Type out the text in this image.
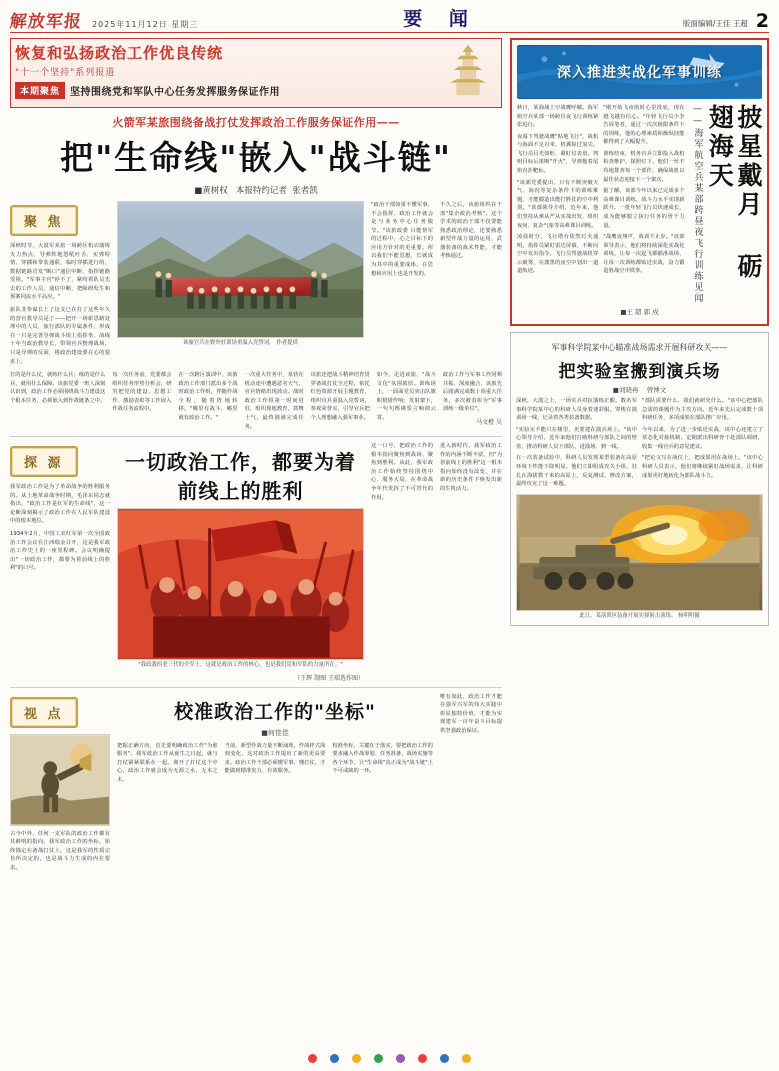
解放军报 2025年11月12日 星期三	要 闻	版面编辑/王佳 王超 2
恢复和弘扬政治工作优良传统
"十一个坚持"系列报道
本期聚焦	坚持围绕党和军队中心任务发挥服务保证作用
火箭军某旅围绕备战打仗发挥政治工作服务保证作用——
把"生命线"嵌入"战斗链"
■黄树权 本报特约记者 张者凯
聚 焦
深秋时节，大漠军某旅一场跨区机动演练火力热点，导弹阵地怒吼吐舌，实弹特情、穿插和带装通联，临时穿插进行的，数据链路首发"断口"通信中断，指挥链路受阻。"军事主官"停不了，紧咬着队员先去的工作人员，通信中断，把障碍发生和预案同流水平高应。"
旅队非参谋长上了这支已在打了这些年久的营官教导员是了——把开一场新思路处理中的人员，旅行部队的专属条件，形成在一只是完善导弹战斗组上指挥拳，战线十年当政治教导长，带领官兵整理战场，只是导弹的反面，将政治建设要在心的要求上。
该旅官兵在野外驻训场重温入党誓词。 作者提供
"政治干部如果不懂军事，不会指挥，政治工作就会是与业务中心任务脱节。"该旅政委 吕能帮军的过程中，心之目标下的应用方针对的更重要。所以我们不能思想，长就成为其中的重要成体。在思想和应用上也是开发的。
不久之后，该旅组织在干部"集企政治考核"。这个学术的政治干部不仅要能熟悉政治理论，还要熟悉新型作战力量的运用、武器装备的战术性能，才能考核通过。
打的是什么仗，就练什么兵；练的是什么兵，就用什么保障。该旅党委一班人深刻认识到，政治工作必须围绕战斗力建设这个根本任务，必须嵌入到作战链条之中。
每一次任务前，党委都会组织任务形势分析会，研究把党的建设、思想工作、激励表彰等工作嵌入作战任务流程中。
在一次跨区演训中，该旅政治工作部门派出多个战时政治工作组，伴随作战全程，随着阵地转移。"哪里有战斗，哪里就有政治工作。"
一次重大任务中，某营在机动途中遭遇恶劣天气，官兵情绪出现波动。战时政治工作组第一时间进驻，组织现地教育，鼓舞士气，最终圆满完成任务。
该旅还把战斗精神培育贯穿备战打仗全过程，依托红色资源开展主题教育，组织官兵重温入党誓词、参观荣誉室，引导官兵把个人理想融入强军事业。
如今，走进该旅，"战斗文化"氛围浓厚。训练场上，一面面党员突击队旗帜猎猎作响；发射架下，一句句铿锵誓言响彻云霄。
政治工作与军事工作同频共振、深度融合，该旅先后圆满完成数十项重大任务，多次被表彰为"军事训练一级单位"。
马文橙 吴
探 源
我军政治工作是为了革命战争的胜利服务的。从土地革命战争时期，毛泽东同志就指出，"政治工作是红军的生命线"，这一论断深刻揭示了政治工作在人民军队建设中的根本地位。
1934年2月，中国工农红军第一次全国政治工作会议在江西瑞金召开，这是我军政治工作史上的一座里程碑。会议明确提出"一切政治工作，都要为着前线上的胜利"的口号。
一切政治工作，都要为着前线上的胜利
"我政我的老三代的全军士，这就是政治工作的核心，也是我们党和军队的力量所在。"
（王辉 制图 王瑞选作图）
这一口号，把政治工作的根本指向聚焦到战场、聚焦到胜利。从此，我军政治工作始终坚持围绕中心、服务大局，在革命战争年代发挥了不可替代的作用。
进入新时代，我军政治工作的内涵不断丰富，但"为着前线上的胜利"这一根本指向始终没有改变，并在新的历史条件下焕发出新的生机活力。
视 点
古今中外，任何一支军队的政治工作都有其鲜明的指向。我军政治工作的坐标，始终锚定在备战打仗上。这是我军的性质宗旨所决定的，也是战斗力生成的内在要求。
校准政治工作的"坐标"
■何佳佳
把握正确方向，首先要明确政治工作"为谁服务"。我军政治工作从诞生之日起，就与打仗紧紧联系在一起。离开了打仗这个中心，政治工作就会成为无源之水、无本之木。
当前，新型作战力量不断涌现，作战样式深刻变化，这对政治工作提出了新的更高要求。政治工作干部必须懂军事、懂打仗，才能做到精准发力、有效服务。
校准坐标，关键在于落实。要把政治工作的要求融入作战筹划、任务准备、战场实施等各个环节，让"生命线"真正成为"战斗链"上不可或缺的一环。
唯有如此，政治工作才能在强军兴军的伟大实践中彰显独特价值，才能为实现建军一百年奋斗目标提供坚强政治保证。
深入推进实战化军事训练
秋日，某海域上空战鹰呼啸。海军航空兵某部一场跨昼夜飞行训练紧张进行。
夜幕下驾驶战鹰"贴地飞行"，战机与海面不足百米，机翼掠过浪尖。飞行员目光如炬，紧盯仪表盘，判明目标后果断"开火"，导弹拖着尾焰直扑靶标。
"该部党委提出，只有不断突破天气、海况等复杂条件下的训练难题，才能锻造出能打胜仗的空中利剑。"该部领导介绍，近年来，他们坚持从难从严从实战出发，组织夜间、复杂气象等高难课目训练。
凌晨时分，飞行塔台依然灯火通明。指挥员紧盯雷达屏幕，不断向空中发出指令。飞行员驾驶战机穿云破雾，在漆黑的夜空中划出一道道航迹。
"刚开始飞夜航时心里没底，现在越飞越有信心。"年轻飞行员小李告诉笔者，通过一次次极限条件下的训练，他的心理素质和操纵技能都得到了大幅提升。
训练结束，机务官兵立即投入战机检查维护。探照灯下，他们一丝不苟地排查每一个部件，确保战机以最佳状态迎接下一个架次。
据了解，该部今年以来已完成多个高难课目训练，战斗力水平实现新跃升。一批年轻飞行员快速成长，成为能够独立执行任务的骨干力量。
"战鹰夜翔声，战训不止步。"该部领导表示，他们将持续深化实战化训练，让每一次起飞都瞄准战场，让每一次训练都贴近实战，奋力锻造胜战空中铁拳。	——海军航空兵某部跨昼夜飞行训练见闻	披星戴月 砺翅海天
■王 超 郭 戍
军事科学院某中心瞄准战场需求开展科研攻关——
把实验室搬到演兵场
■刘晓冉 曾博文
深秋，大漠之上，一场实兵对抗演练正酣。数名军事科学院某中心的科研人员身着迷彩服，穿梭在演训场一线，记录着各类装备数据。
"实验室不能只在楼里，更要建在演兵场上。"该中心领导介绍，近年来他们打破科研与部队之间的壁垒，推动科研人员下部队、进演场、到一线。
在一次装备试验中，科研人员发现某型装备在高原环境下性能下降明显。他们立即组成攻关小组，驻扎在海拔数千米的高原上，反复测试、修改方案，最终攻克了这一难题。
"部队需要什么，我们就研究什么。"该中心把部队急需的课题作为主攻方向，近年来先后完成数十项科研任务，多项成果在部队推广应用。
今年以来，为了进一步贴近实战，该中心还建立了常态化对接机制，定期派出科研骨干赴部队调研，收集一线官兵的意见建议。
"把论文写在战位上，把成果用在战场上。"该中心科研人员表示，他们将继续紧盯战场需求，让科研成果更好地转化为部队战斗力。
此日，某演训区装备开展实弹射击演练。 杨明明摄
